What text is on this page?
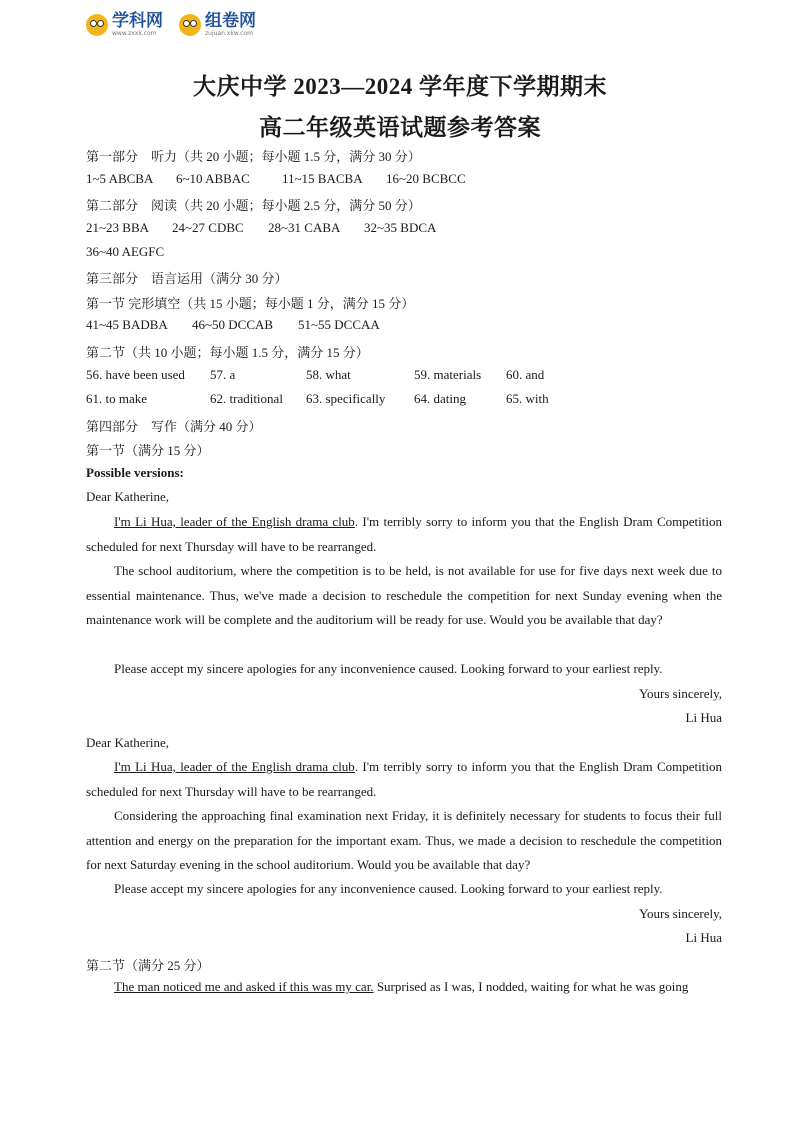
学科网
www.zxxk.com
组卷网
zujuan.xkw.com
大庆中学 2023—2024 学年度下学期期末
高二年级英语试题参考答案
第一部分　听力（共 20 小题；每小题 1.5 分，满分 30 分）
1~5 ABCBA 6~10 ABBAC 11~15 BACBA 16~20 BCBCC
第二部分　阅读（共 20 小题；每小题 2.5 分，满分 50 分）
21~23 BBA 24~27 CDBC 28~31 CABA 32~35 BDCA
36~40 AEGFC
第三部分　语言运用（满分 30 分）
第一节 完形填空（共 15 小题；每小题 1 分，满分 15 分）
41~45 BADBA 46~50 DCCAB 51~55 DCCAA
第二节（共 10 小题；每小题 1.5 分，满分 15 分）
56. have been used 57. a	58. what	59. materials 60. and
61. to make	62. traditional 63. specifically 64. dating	65. with
第四部分　写作（满分 40 分）
第一节（满分 15 分）
Possible versions:
Dear Katherine,
I'm Li Hua, leader of the English drama club. I'm terribly sorry to inform you that the English Dram Competition scheduled for next Thursday will have to be rearranged.
The school auditorium, where the competition is to be held, is not available for use for five days next week due to essential maintenance. Thus, we've made a decision to reschedule the competition for next Sunday evening when the maintenance work will be complete and the auditorium will be ready for use. Would you be available that day?
Please accept my sincere apologies for any inconvenience caused. Looking forward to your earliest reply.
Yours sincerely,
Li Hua
Dear Katherine,
I'm Li Hua, leader of the English drama club. I'm terribly sorry to inform you that the English Dram Competition scheduled for next Thursday will have to be rearranged.
Considering the approaching final examination next Friday, it is definitely necessary for students to focus their full attention and energy on the preparation for the important exam. Thus, we made a decision to reschedule the competition for next Saturday evening in the school auditorium. Would you be available that day?
Please accept my sincere apologies for any inconvenience caused. Looking forward to your earliest reply.
Yours sincerely,
Li Hua
第二节（满分 25 分）
The man noticed me and asked if this was my car. Surprised as I was, I nodded, waiting for what he was going
